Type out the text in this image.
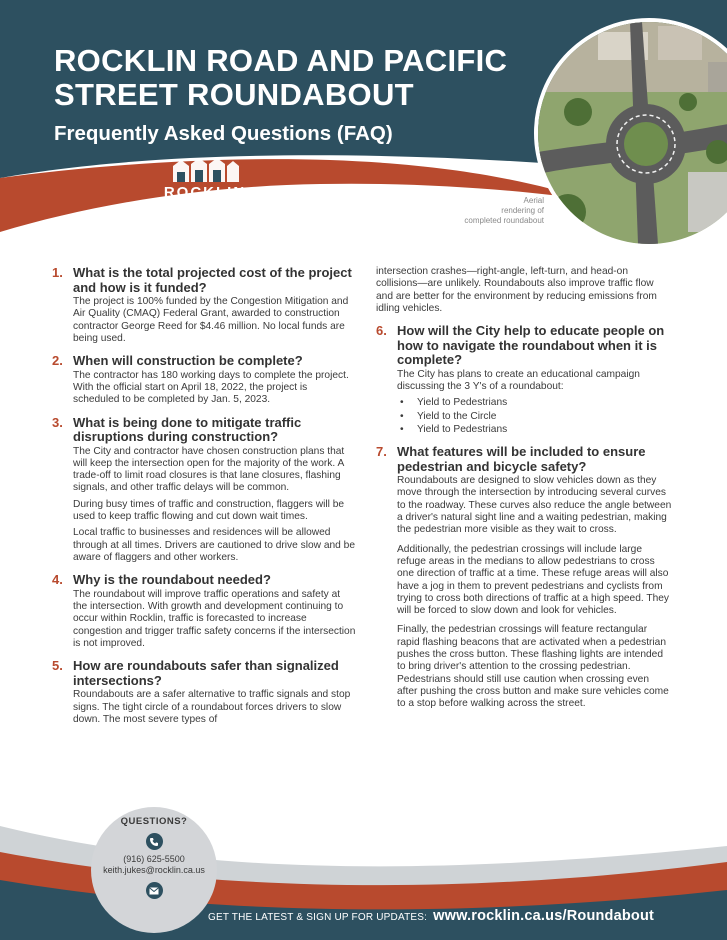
ROCKLIN ROAD AND PACIFIC
STREET ROUNDABOUT
Frequently Asked Questions (FAQ)
ROCKLIN
CALIFORNIA	Aerial
rendering of
completed roundabout
1. What is the total projected cost of the project and how is it funded?

The project is 100% funded by the Congestion Mitigation and Air Quality (CMAQ) Federal Grant, awarded to construction contractor George Reed for $4.46 million. No local funds are being used.

2. When will construction be complete?

The contractor has 180 working days to complete the project. With the official start on April 18, 2022, the project is scheduled to be completed by Jan. 5, 2023.

3. What is being done to mitigate traffic disruptions during construction?

The City and contractor have chosen construction plans that will keep the intersection open for the majority of the work. A trade-off to limit road closures is that lane closures, flashing signals, and other traffic delays will be common.

During busy times of traffic and construction, flaggers will be used to keep traffic flowing and cut down wait times.

Local traffic to businesses and residences will be allowed through at all times. Drivers are cautioned to drive slow and be aware of flaggers and other workers.

4. Why is the roundabout needed?

The roundabout will improve traffic operations and safety at the intersection. With growth and development continuing to occur within Rocklin, traffic is forecasted to increase congestion and trigger traffic safety concerns if the intersection is not improved.

5. How are roundabouts safer than signalized intersections?

Roundabouts are a safer alternative to traffic signals and stop signs. The tight circle of a roundabout forces drivers to slow down. The most severe types of

intersection crashes—right-angle, left-turn, and head-on collisions—are unlikely. Roundabouts also improve traffic flow and are better for the environment by reducing emissions from idling vehicles.

6. How will the City help to educate people on how to navigate the roundabout when it is complete?

The City has plans to create an educational campaign discussing the 3 Y's of a roundabout:

• Yield to Pedestrians
• Yield to the Circle
• Yield to Pedestrians
7. What features will be included to ensure pedestrian and bicycle safety?

Roundabouts are designed to slow vehicles down as they move through the intersection by introducing several curves to the roadway. These curves also reduce the angle between a driver's natural sight line and a waiting pedestrian, making the pedestrian more visible as they wait to cross.

Additionally, the pedestrian crossings will include large refuge areas in the medians to allow pedestrians to cross one direction of traffic at a time. These refuge areas will also have a jog in them to prevent pedestrians and cyclists from trying to cross both directions of traffic at a high speed. They will be forced to slow down and look for vehicles.

Finally, the pedestrian crossings will feature rectangular rapid flashing beacons that are activated when a pedestrian pushes the cross button. These flashing lights are intended to bring driver's attention to the crossing pedestrian. Pedestrians should still use caution when crossing even after pushing the cross button and make sure vehicles come to a stop before walking across the street.

QUESTIONS?
(916) 625-5500
keith.jukes@rocklin.ca.us
GET THE LATEST & SIGN UP FOR UPDATES: www.rocklin.ca.us/Roundabout
